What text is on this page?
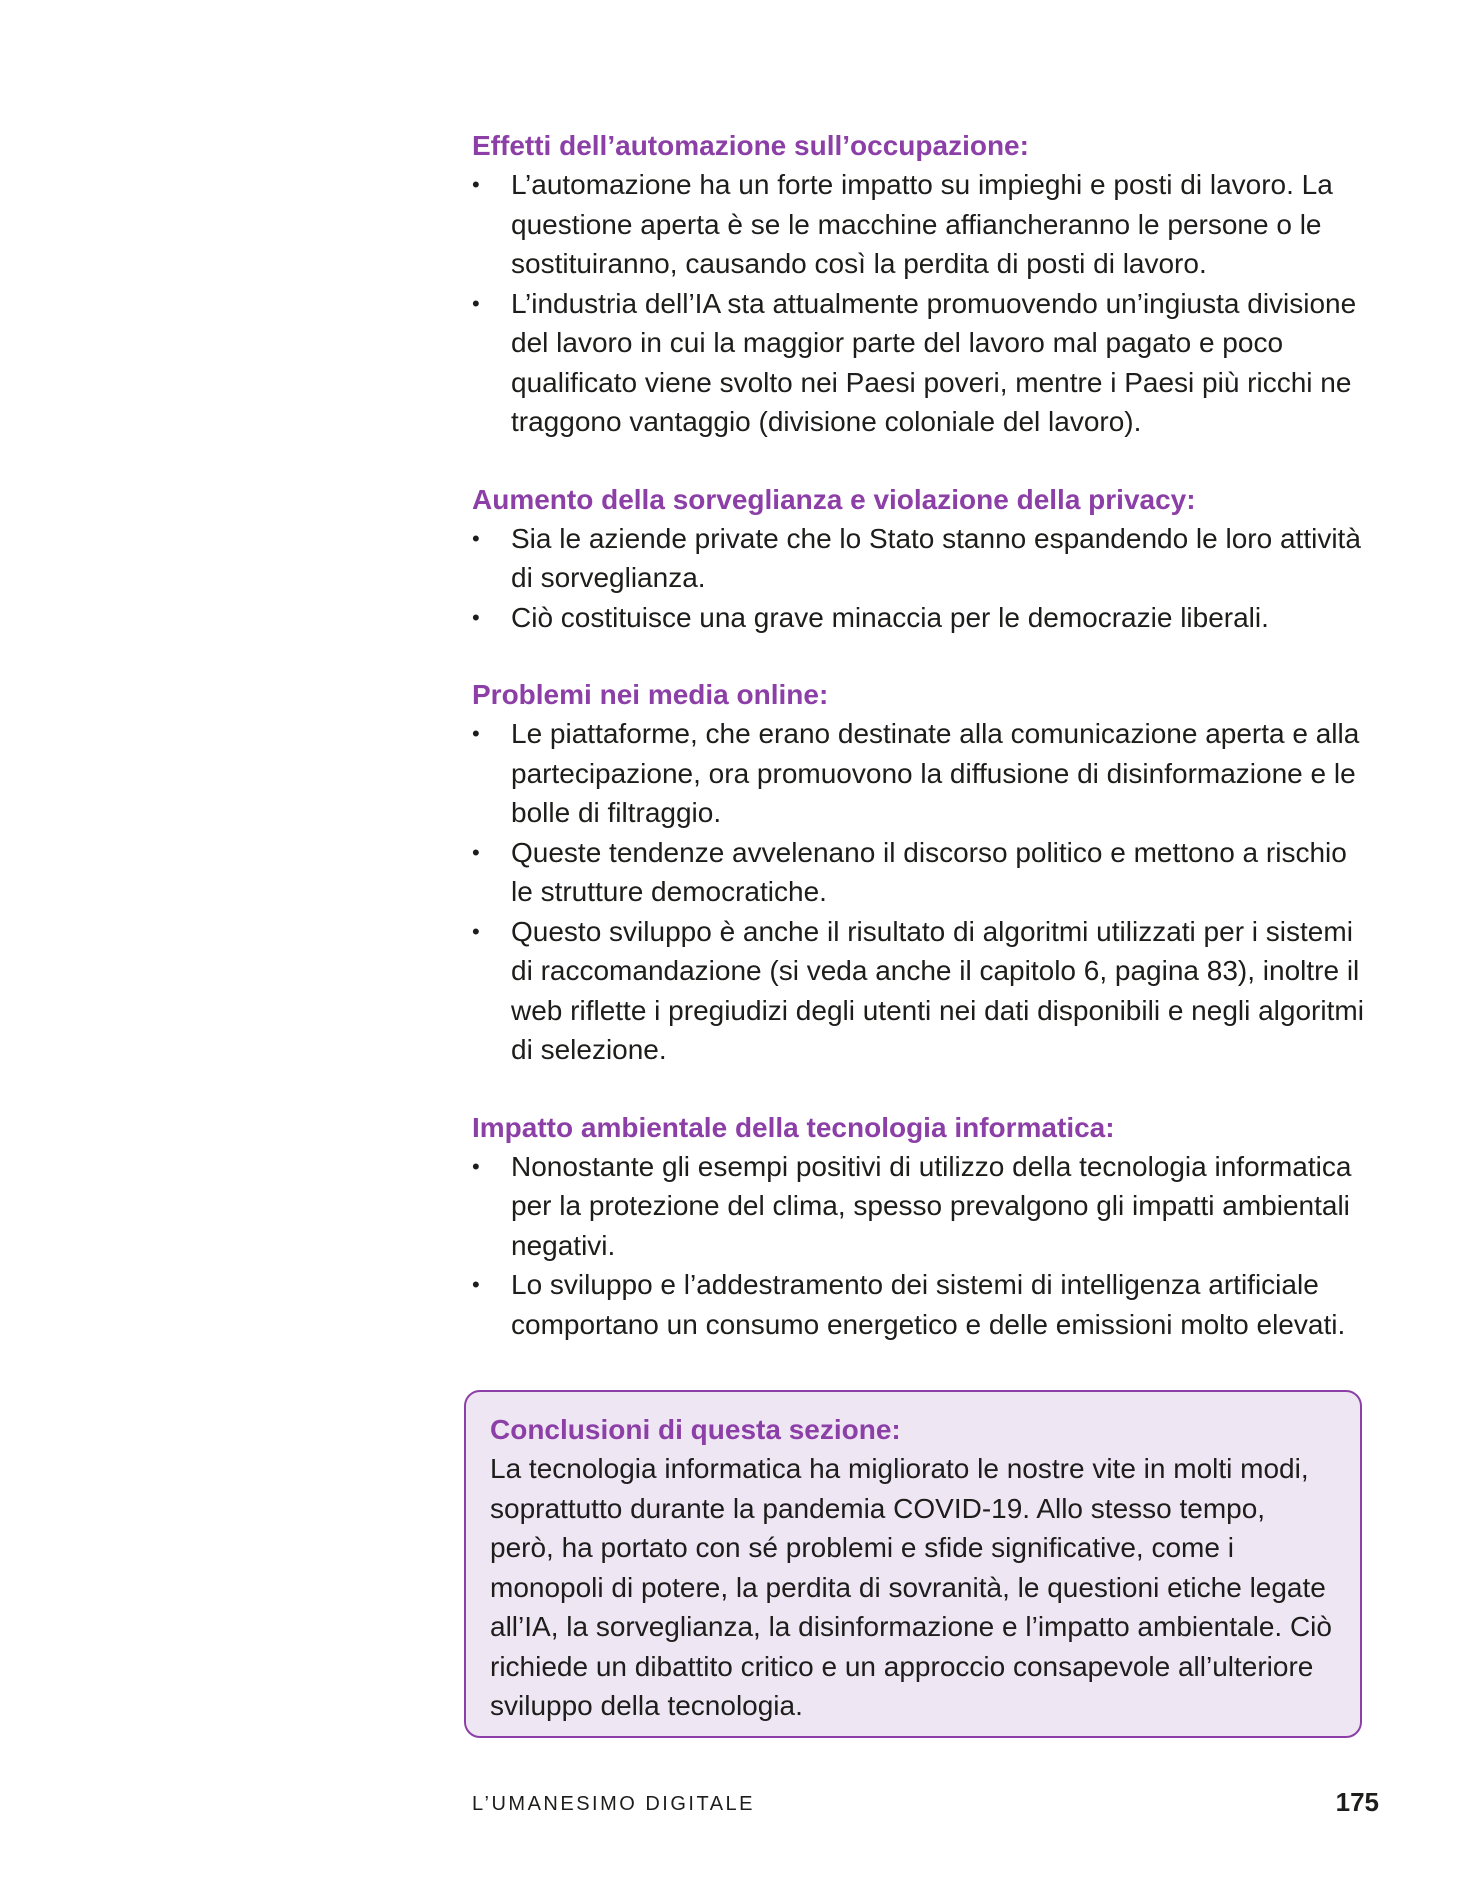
Effetti dell’automazione sull’occupazione:
• L’automazione ha un forte impatto su impieghi e posti di lavoro. La questione aperta è se le macchine affiancheranno le persone o le sostituiranno, causando così la perdita di posti di lavoro.
• L’industria dell’IA sta attualmente promuovendo un’ingiusta divisione del lavoro in cui la maggior parte del lavoro mal pagato e poco qualificato viene svolto nei Paesi poveri, mentre i Paesi più ricchi ne traggono vantaggio (divisione coloniale del lavoro).
Aumento della sorveglianza e violazione della privacy:
• Sia le aziende private che lo Stato stanno espandendo le loro attività di sorveglianza.
• Ciò costituisce una grave minaccia per le democrazie liberali.
Problemi nei media online:
• Le piattaforme, che erano destinate alla comunicazione aperta e alla partecipazione, ora promuovono la diffusione di disinformazione e le bolle di filtraggio.
• Queste tendenze avvelenano il discorso politico e mettono a rischio le strutture democratiche.
• Questo sviluppo è anche il risultato di algoritmi utilizzati per i sistemi di raccomandazione (si veda anche il capitolo 6, pagina 83), inoltre il web riflette i pregiudizi degli utenti nei dati disponibili e negli algoritmi di selezione.
Impatto ambientale della tecnologia informatica:
• Nonostante gli esempi positivi di utilizzo della tecnologia informatica per la protezione del clima, spesso prevalgono gli impatti ambientali negativi.
• Lo sviluppo e l’addestramento dei sistemi di intelligenza artificiale comportano un consumo energetico e delle emissioni molto elevati.
Conclusioni di questa sezione:

La tecnologia informatica ha migliorato le nostre vite in molti modi, soprattutto durante la pandemia COVID-19. Allo stesso tempo, però, ha portato con sé problemi e sfide significative, come i monopoli di potere, la perdita di sovranità, le questioni etiche legate all’IA, la sorveglianza, la disinformazione e l’impatto ambientale. Ciò richiede un dibattito critico e un approccio consapevole all’ulteriore sviluppo della tecnologia.

L’UMANESIMO DIGITALE	175
